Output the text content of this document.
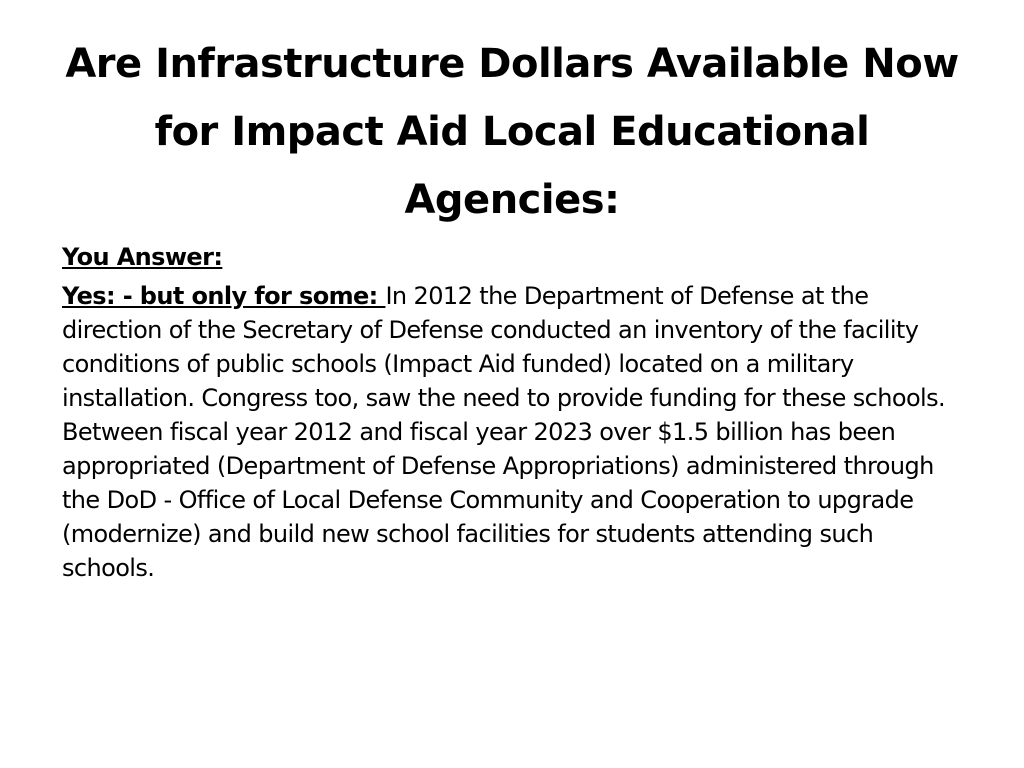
Are Infrastructure Dollars Available Now for Impact Aid Local Educational Agencies:

You Answer:

Yes: - but only for some: In 2012 the Department of Defense at the direction of the Secretary of Defense conducted an inventory of the facility conditions of public schools (Impact Aid funded) located on a military installation. Congress too, saw the need to provide funding for these schools. Between fiscal year 2012 and fiscal year 2023 over $1.5 billion has been appropriated (Department of Defense Appropriations) administered through the DoD - Office of Local Defense Community and Cooperation to upgrade (modernize) and build new school facilities for students attending such schools.
